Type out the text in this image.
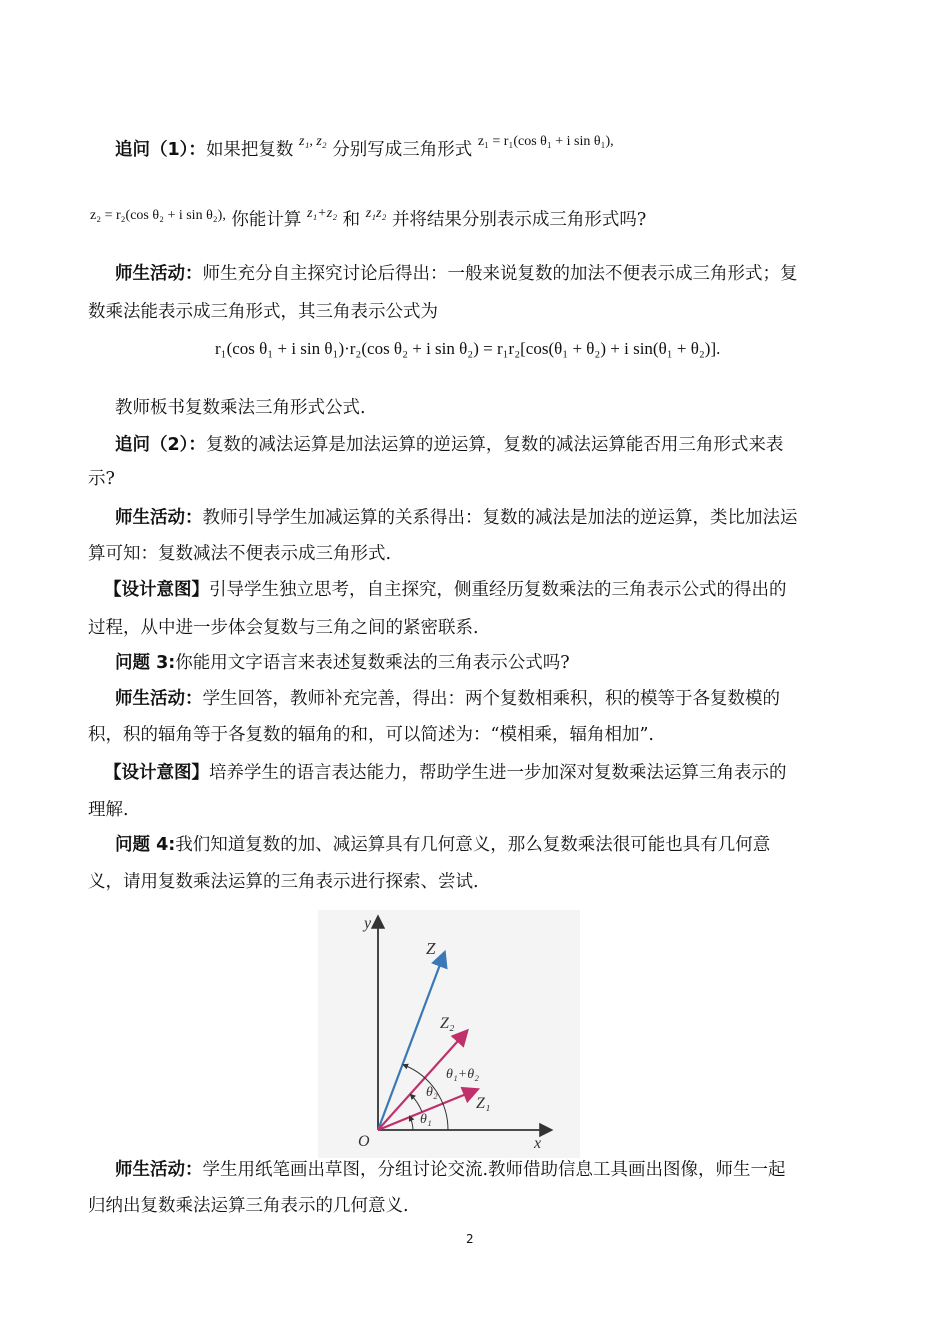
追问（1）：如果把复数 $^{z_1, z_2}$ 分别写成三角形式 $^{z_1 = r_1(cos \theta_1 + i sin \theta_1),}$
$^{z_2 = r_2(cos \theta_2 + i sin \theta_2),}$ 你能计算 $^{z_1+z_2}$ 和 $^{z_1z_2}$ 并将结果分别表示成三角形式吗?
师生活动：师生充分自主探究讨论后得出：一般来说复数的加法不便表示成三角形式；复
数乘法能表示成三角形式，其三角表示公式为
r₁(cos θ₁ + i sin θ₁)·r₂(cos θ₂ + i sin θ₂) = r₁r₂[cos(θ₁ + θ₂) + i sin(θ₁ + θ₂)].
教师板书复数乘法三角形式公式.
追问（2）：复数的减法运算是加法运算的逆运算，复数的减法运算能否用三角形式来表
示?
师生活动：教师引导学生加减运算的关系得出：复数的减法是加法的逆运算，类比加法运
算可知：复数减法不便表示成三角形式.
【设计意图】引导学生独立思考，自主探究，侧重经历复数乘法的三角表示公式的得出的
过程，从中进一步体会复数与三角之间的紧密联系.
问题 3:你能用文字语言来表述复数乘法的三角表示公式吗?
师生活动：学生回答，教师补充完善，得出：两个复数相乘积，积的模等于各复数模的
积，积的辐角等于各复数的辐角的和，可以简述为：“模相乘，辐角相加”.
【设计意图】培养学生的语言表达能力，帮助学生进一步加深对复数乘法运算三角表示的
理解.
问题 4:我们知道复数的加、减运算具有几何意义，那么复数乘法很可能也具有几何意
义，请用复数乘法运算的三角表示进行探索、尝试.
y
x
O
Z
Z₂
Z₁
θ₁+θ₂
θ₂
θ₁
师生活动：学生用纸笔画出草图，分组讨论交流.教师借助信息工具画出图像，师生一起
归纳出复数乘法运算三角表示的几何意义.
2
